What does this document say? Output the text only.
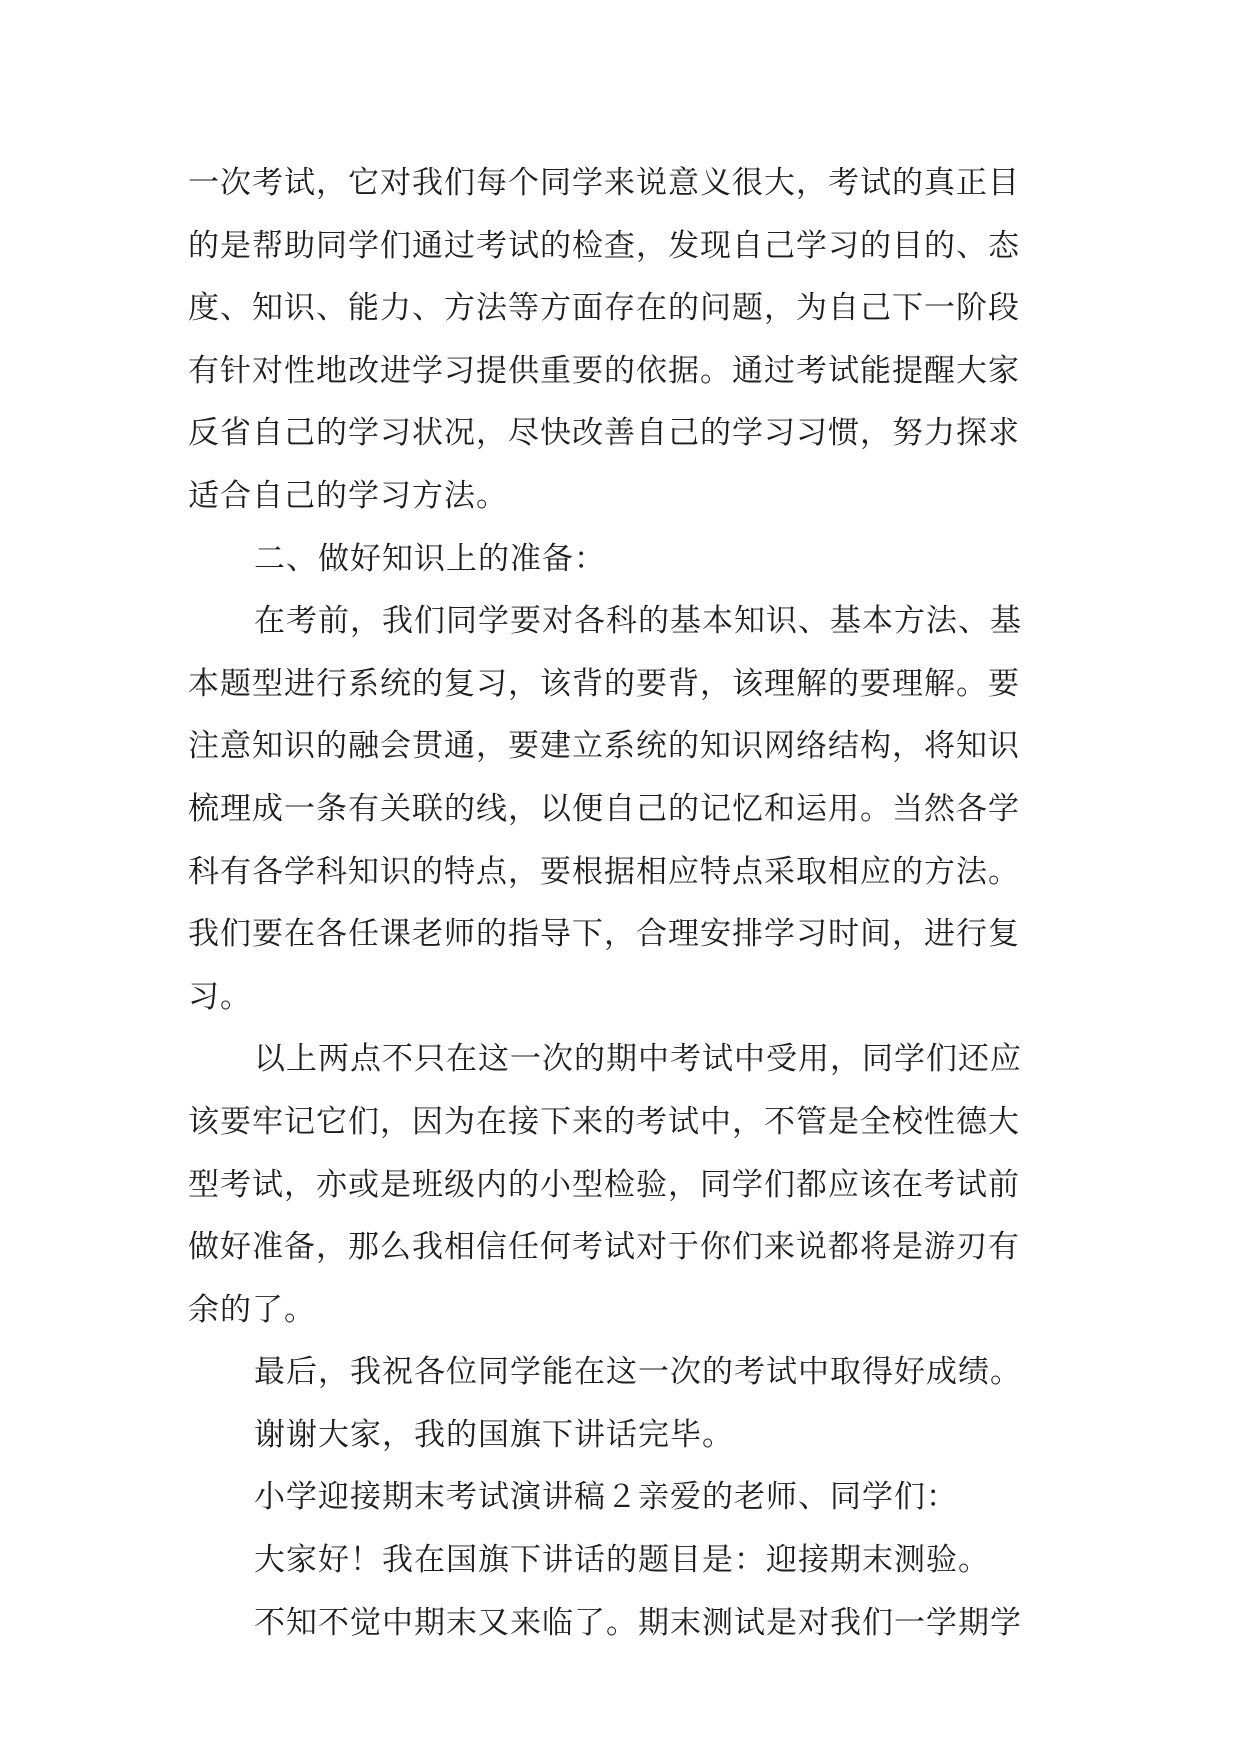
一次考试，它对我们每个同学来说意义很大，考试的真正目
的是帮助同学们通过考试的检查，发现自己学习的目的、态
度、知识、能力、方法等方面存在的问题，为自己下一阶段
有针对性地改进学习提供重要的依据。通过考试能提醒大家
反省自己的学习状况，尽快改善自己的学习习惯，努力探求
适合自己的学习方法。
二、做好知识上的准备：
在考前，我们同学要对各科的基本知识、基本方法、基
本题型进行系统的复习，该背的要背，该理解的要理解。要
注意知识的融会贯通，要建立系统的知识网络结构，将知识
梳理成一条有关联的线，以便自己的记忆和运用。当然各学
科有各学科知识的特点，要根据相应特点采取相应的方法。
我们要在各任课老师的指导下，合理安排学习时间，进行复
习。
以上两点不只在这一次的期中考试中受用，同学们还应
该要牢记它们，因为在接下来的考试中，不管是全校性德大
型考试，亦或是班级内的小型检验，同学们都应该在考试前
做好准备，那么我相信任何考试对于你们来说都将是游刃有
余的了。
最后，我祝各位同学能在这一次的考试中取得好成绩。
谢谢大家，我的国旗下讲话完毕。
小学迎接期末考试演讲稿２亲爱的老师、同学们：
大家好！我在国旗下讲话的题目是：迎接期末测验。
不知不觉中期末又来临了。期末测试是对我们一学期学
